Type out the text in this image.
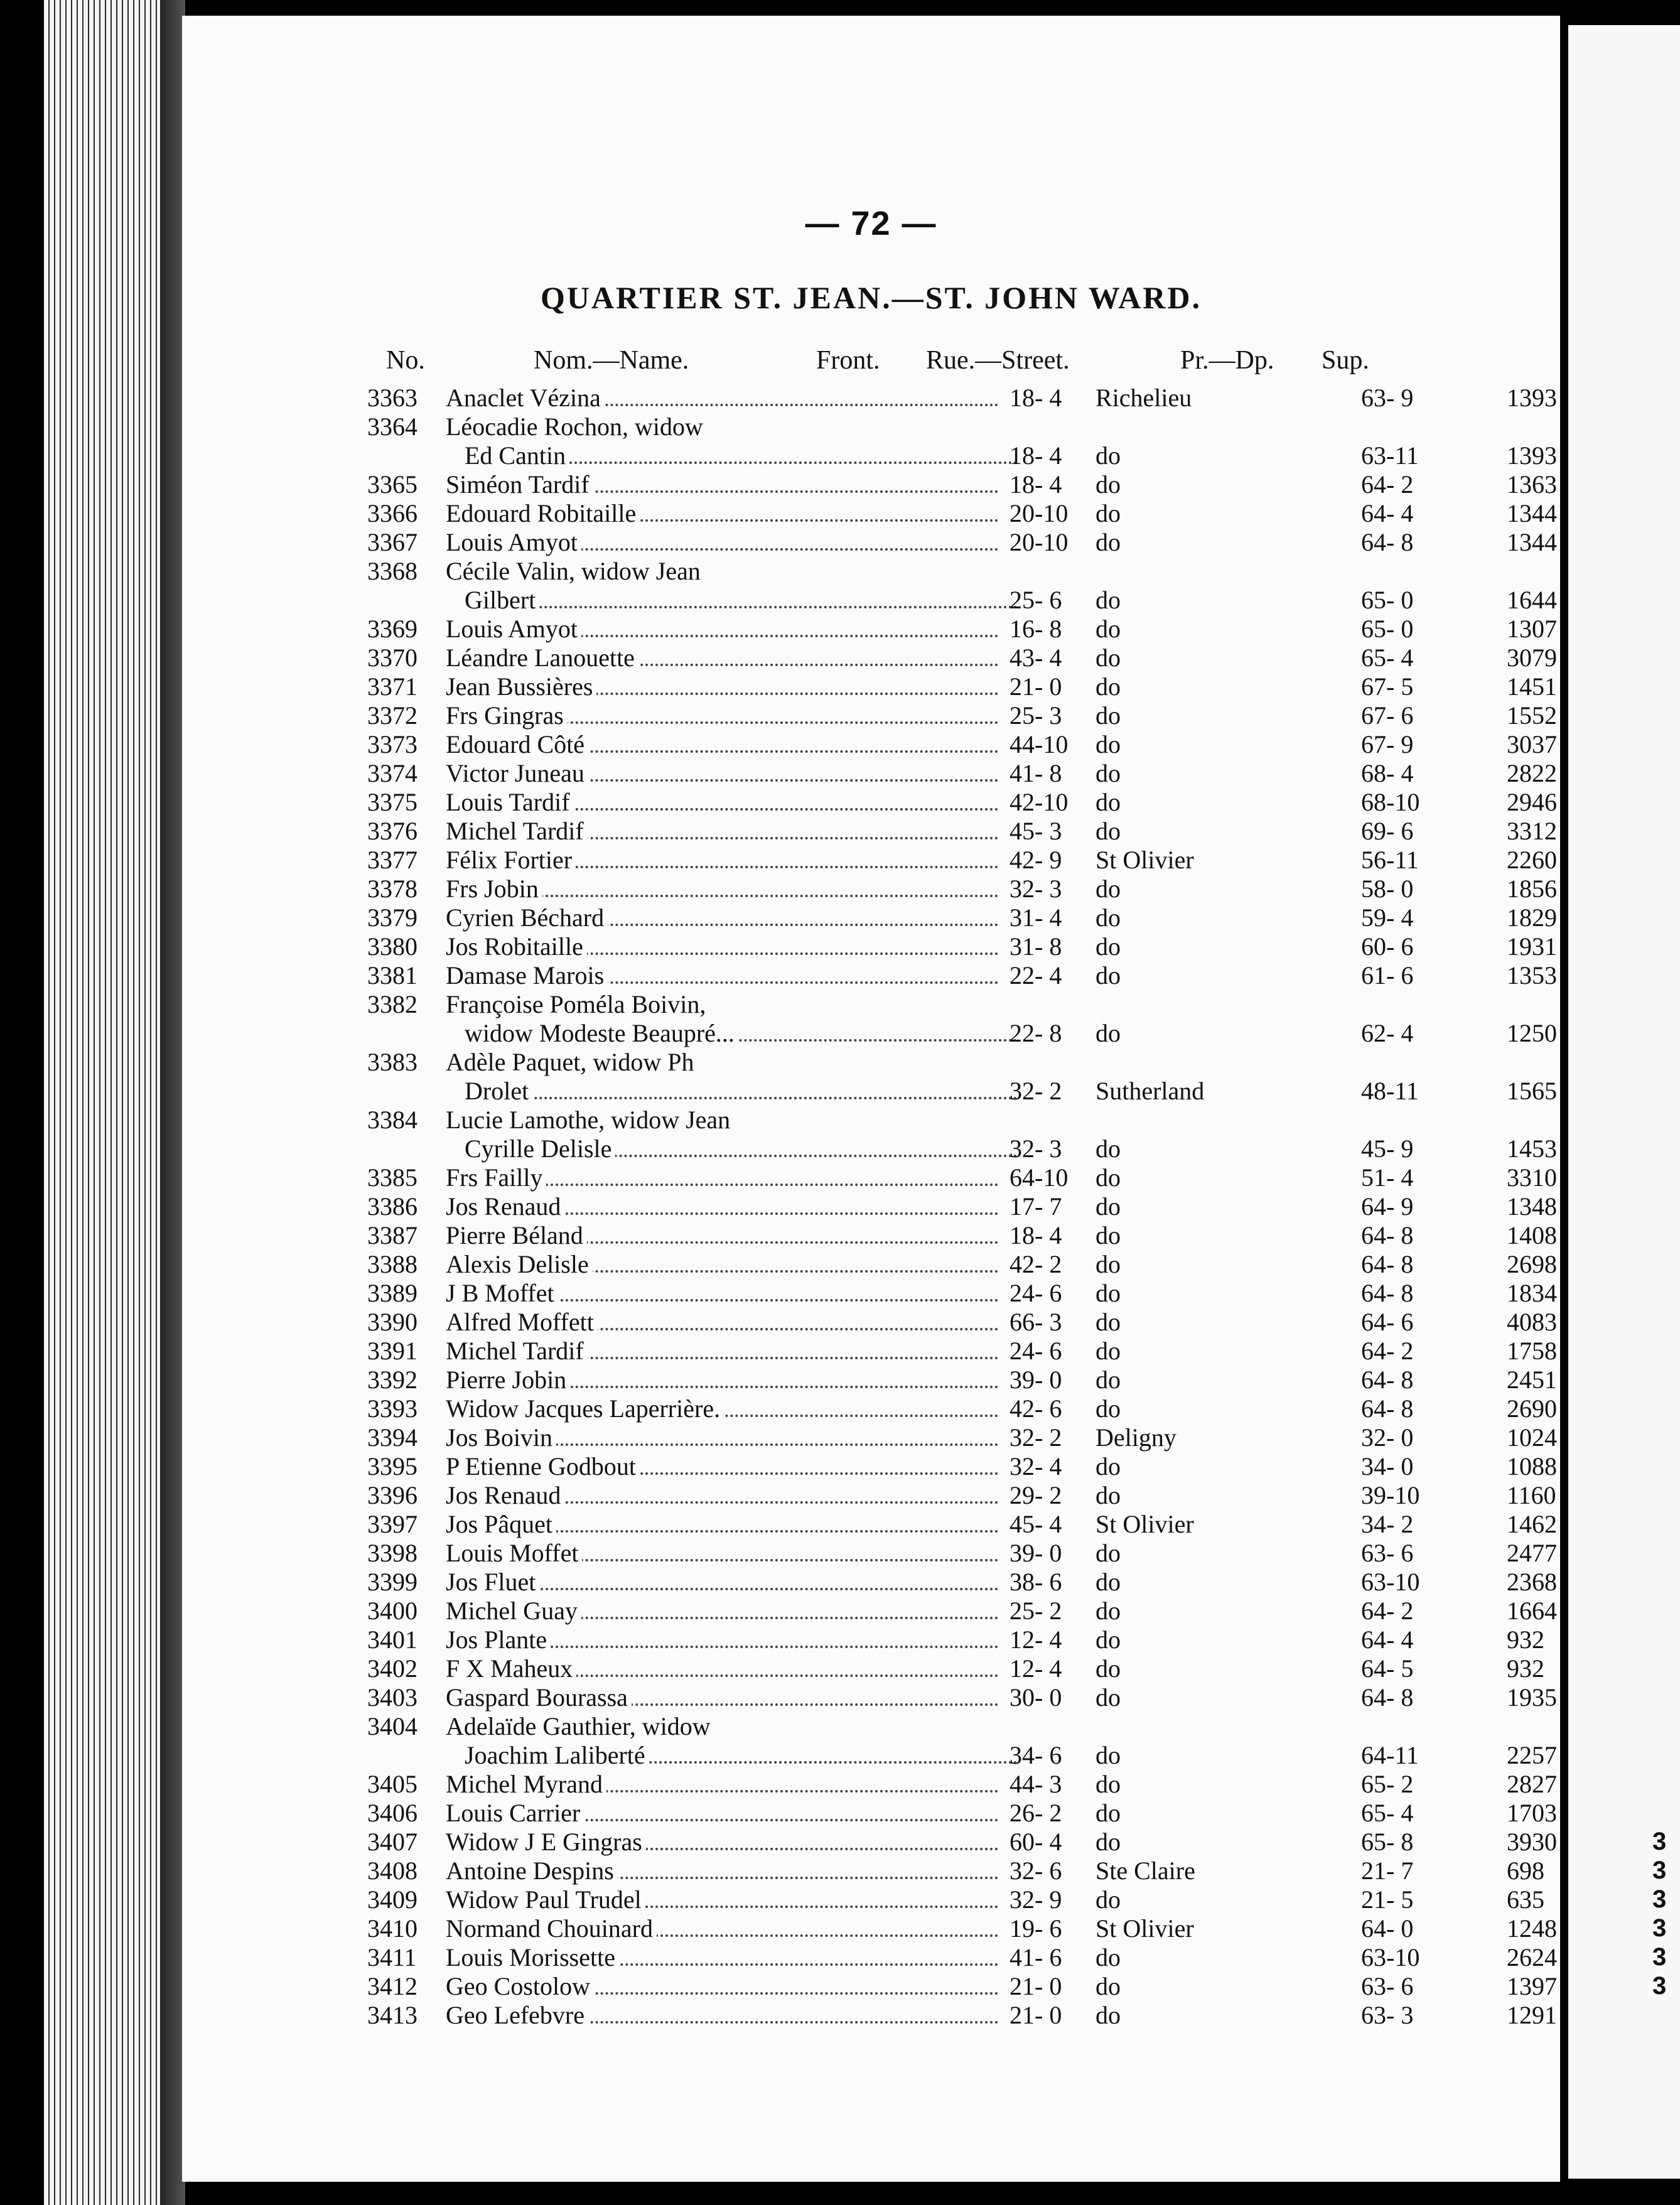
— 72 —
QUARTIER ST. JEAN.—ST. JOHN WARD.
No.	Nom.—Name.	Front. Rue.—Street.	Pr.—Dp. Sup.
3363	Anaclet Vézina	18- 4	Richelieu	63- 9	1393
3364	Léocadie Rochon, widow
Ed Cantin	18- 4	do	63-11	1393
3365	Siméon Tardif	18- 4	do	64- 2	1363
3366	Edouard Robitaille	20-10	do	64- 4	1344
3367	Louis Amyot	20-10	do	64- 8	1344
3368	Cécile Valin, widow Jean
Gilbert	25- 6	do	65- 0	1644
3369	Louis Amyot	16- 8	do	65- 0	1307
3370	Léandre Lanouette	43- 4	do	65- 4	3079
3371	Jean Bussières	21- 0	do	67- 5	1451
3372	Frs Gingras	25- 3	do	67- 6	1552
3373	Edouard Côté	44-10	do	67- 9	3037
3374	Victor Juneau	41- 8	do	68- 4	2822
3375	Louis Tardif	42-10	do	68-10	2946
3376	Michel Tardif	45- 3	do	69- 6	3312
3377	Félix Fortier	42- 9	St Olivier	56-11	2260
3378	Frs Jobin	32- 3	do	58- 0	1856
3379	Cyrien Béchard	31- 4	do	59- 4	1829
3380	Jos Robitaille	31- 8	do	60- 6	1931
3381	Damase Marois	22- 4	do	61- 6	1353
3382	Françoise Poméla Boivin,
widow Modeste Beaupré...	22- 8	do	62- 4	1250
3383	Adèle Paquet, widow Ph
Drolet	32- 2	Sutherland	48-11	1565
3384	Lucie Lamothe, widow Jean
Cyrille Delisle	32- 3	do	45- 9	1453
3385	Frs Failly	64-10	do	51- 4	3310
3386	Jos Renaud	17- 7	do	64- 9	1348
3387	Pierre Béland	18- 4	do	64- 8	1408
3388	Alexis Delisle	42- 2	do	64- 8	2698
3389	J B Moffet	24- 6	do	64- 8	1834
3390	Alfred Moffett	66- 3	do	64- 6	4083
3391	Michel Tardif	24- 6	do	64- 2	1758
3392	Pierre Jobin	39- 0	do	64- 8	2451
3393	Widow Jacques Laperrière.	42- 6	do	64- 8	2690
3394	Jos Boivin	32- 2	Deligny	32- 0	1024
3395	P Etienne Godbout	32- 4	do	34- 0	1088
3396	Jos Renaud	29- 2	do	39-10	1160
3397	Jos Pâquet	45- 4	St Olivier	34- 2	1462
3398	Louis Moffet	39- 0	do	63- 6	2477
3399	Jos Fluet	38- 6	do	63-10	2368
3400	Michel Guay	25- 2	do	64- 2	1664
3401	Jos Plante	12- 4	do	64- 4	932
3402	F X Maheux	12- 4	do	64- 5	932
3403	Gaspard Bourassa	30- 0	do	64- 8	1935
3404	Adelaïde Gauthier, widow
Joachim Laliberté	34- 6	do	64-11	2257
3405	Michel Myrand	44- 3	do	65- 2	2827
3406	Louis Carrier	26- 2	do	65- 4	1703
3407	Widow J E Gingras	60- 4	do	65- 8	3930
3408	Antoine Despins	32- 6	Ste Claire	21- 7	698
3409	Widow Paul Trudel	32- 9	do	21- 5	635
3410	Normand Chouinard	19- 6	St Olivier	64- 0	1248
3411	Louis Morissette	41- 6	do	63-10	2624
3412	Geo Costolow	21- 0	do	63- 6	1397
3413	Geo Lefebvre	21- 0	do	63- 3	1291
3
3
3
3
3
3
